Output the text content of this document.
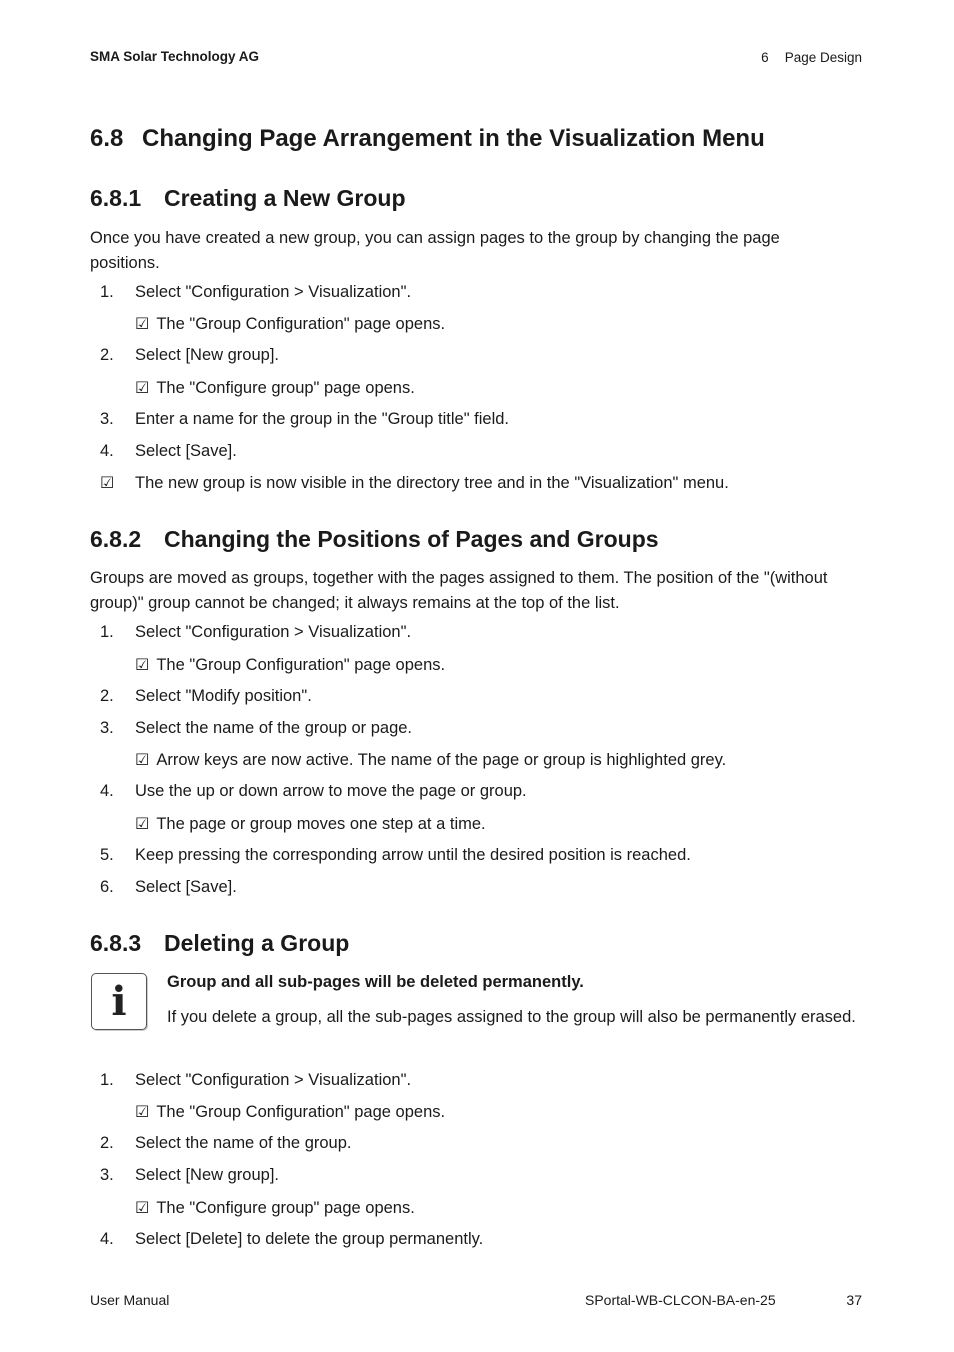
SMA Solar Technology AG	6 Page Design
6.8 Changing Page Arrangement in the Visualization Menu
6.8.1 Creating a New Group
Once you have created a new group, you can assign pages to the group by changing the page positions.
1. Select "Configuration > Visualization".
☑ The "Group Configuration" page opens.
2. Select [New group].
☑ The "Configure group" page opens.
3. Enter a name for the group in the "Group title" field.
4. Select [Save].
☑ The new group is now visible in the directory tree and in the "Visualization" menu.
6.8.2 Changing the Positions of Pages and Groups
Groups are moved as groups, together with the pages assigned to them. The position of the "(without group)" group cannot be changed; it always remains at the top of the list.
1. Select "Configuration > Visualization".
☑ The "Group Configuration" page opens.
2. Select "Modify position".
3. Select the name of the group or page.
☑ Arrow keys are now active. The name of the page or group is highlighted grey.
4. Use the up or down arrow to move the page or group.
☑ The page or group moves one step at a time.
5. Keep pressing the corresponding arrow until the desired position is reached.
6. Select [Save].
6.8.3 Deleting a Group
i Group and all sub-pages will be deleted permanently.
If you delete a group, all the sub-pages assigned to the group will also be permanently erased.
1. Select "Configuration > Visualization".
☑ The "Group Configuration" page opens.
2. Select the name of the group.
3. Select [New group].
☑ The "Configure group" page opens.
4. Select [Delete] to delete the group permanently.
User Manual	SPortal-WB-CLCON-BA-en-25	37
